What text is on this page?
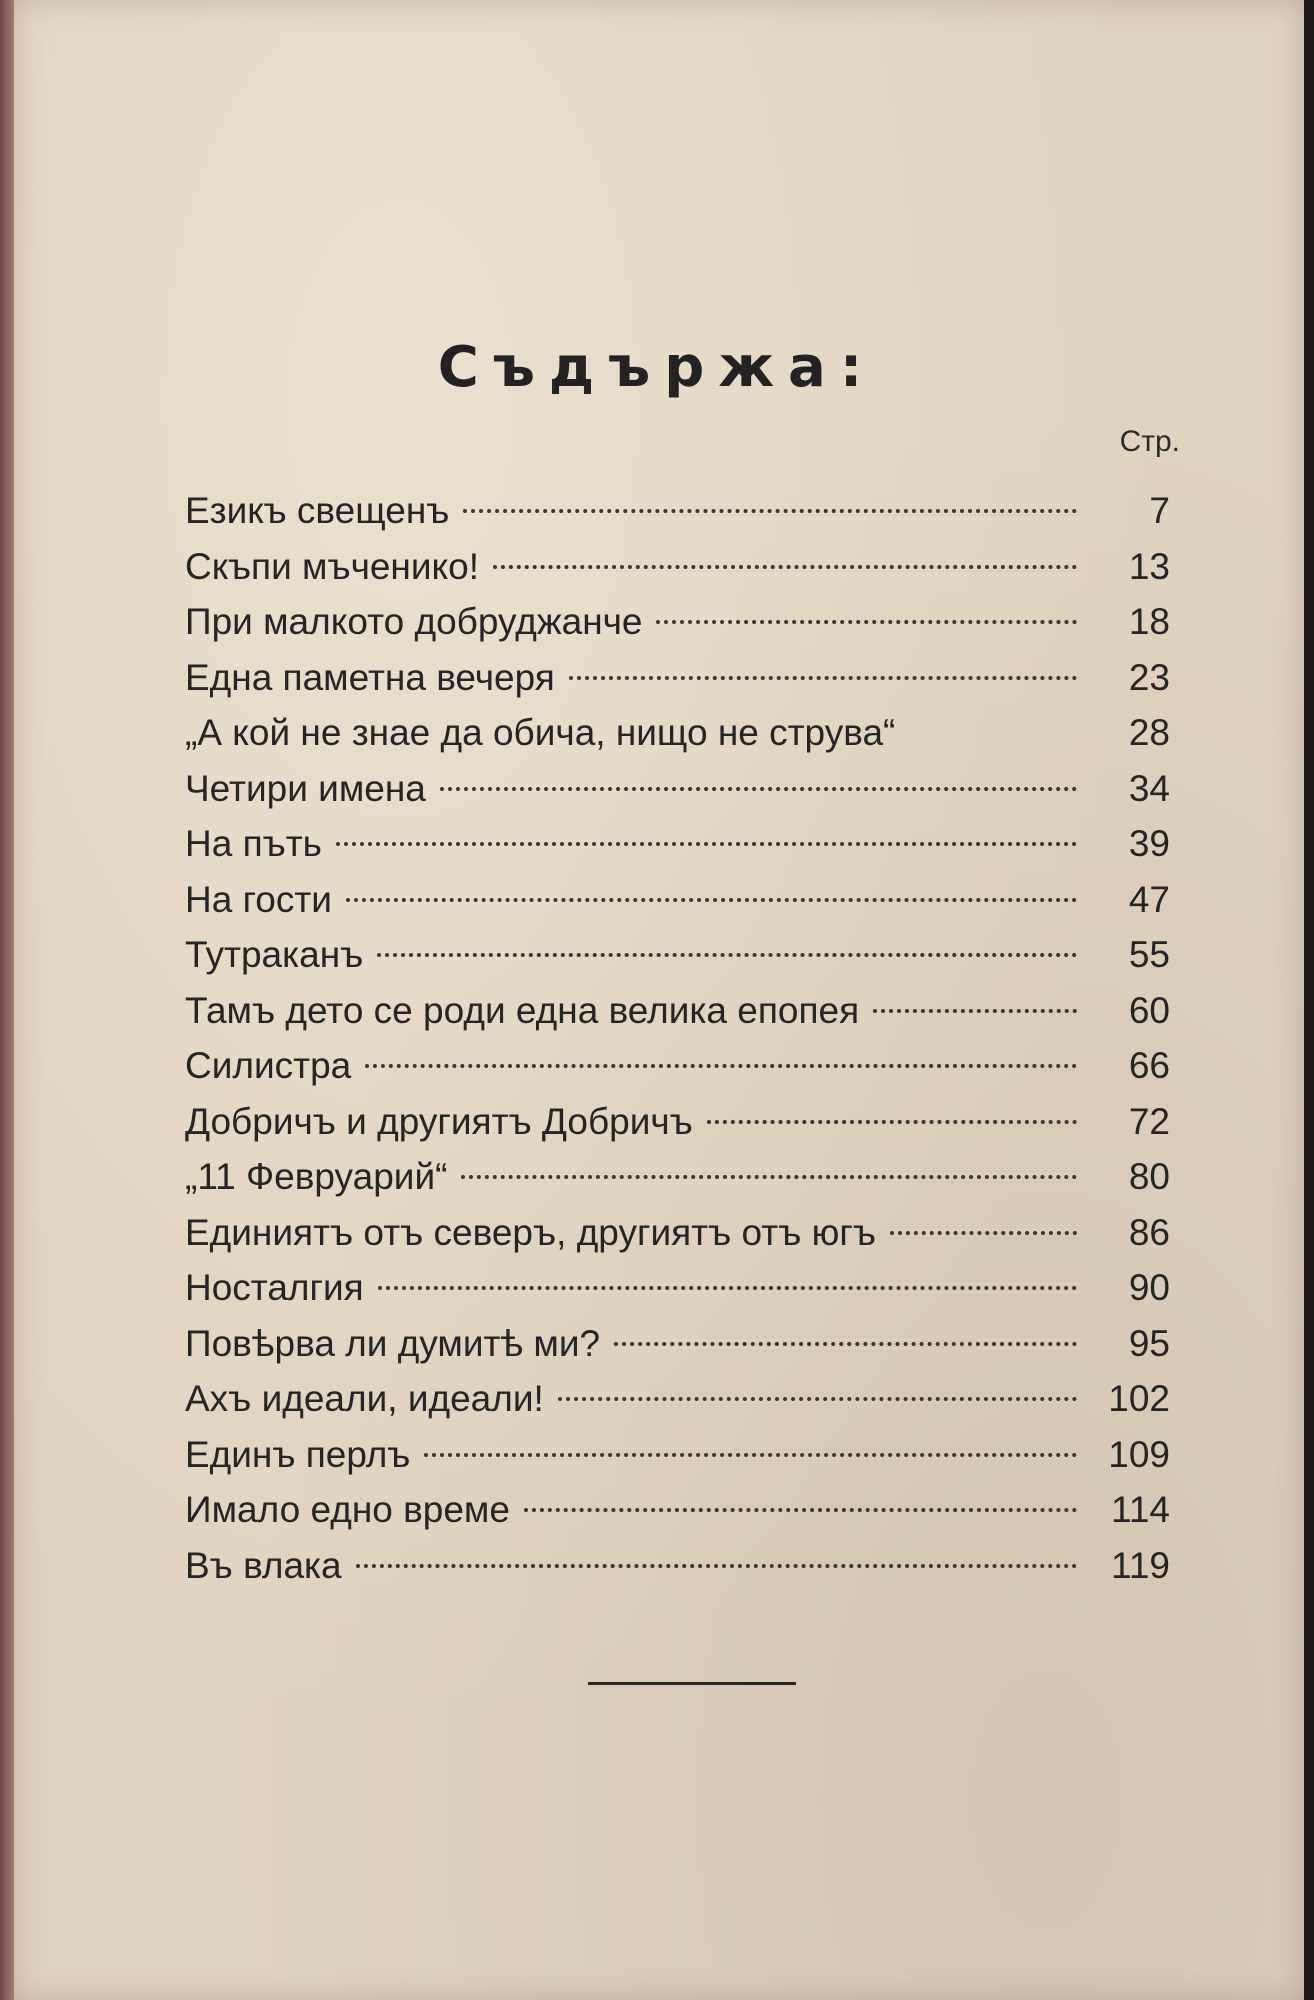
Съдържа:
Стр.
Езикъ свещенъ	7
Скъпи мъченико!	13
При малкото добруджанче	18
Една паметна вечеря	23
„А кой не знае да обича, нищо не струва“	28
Четири имена	34
На пъть	39
На гости	47
Тутраканъ	55
Тамъ дето се роди една велика епопея	60
Силистра	66
Добричъ и другиятъ Добричъ	72
„11 Февруарий“	80
Единиятъ отъ северъ, другиятъ отъ югъ	86
Носталгия	90
Повѣрва ли думитѣ ми?	95
Ахъ идеали, идеали!	102
Единъ перлъ	109
Имало едно време	114
Въ влака	119
